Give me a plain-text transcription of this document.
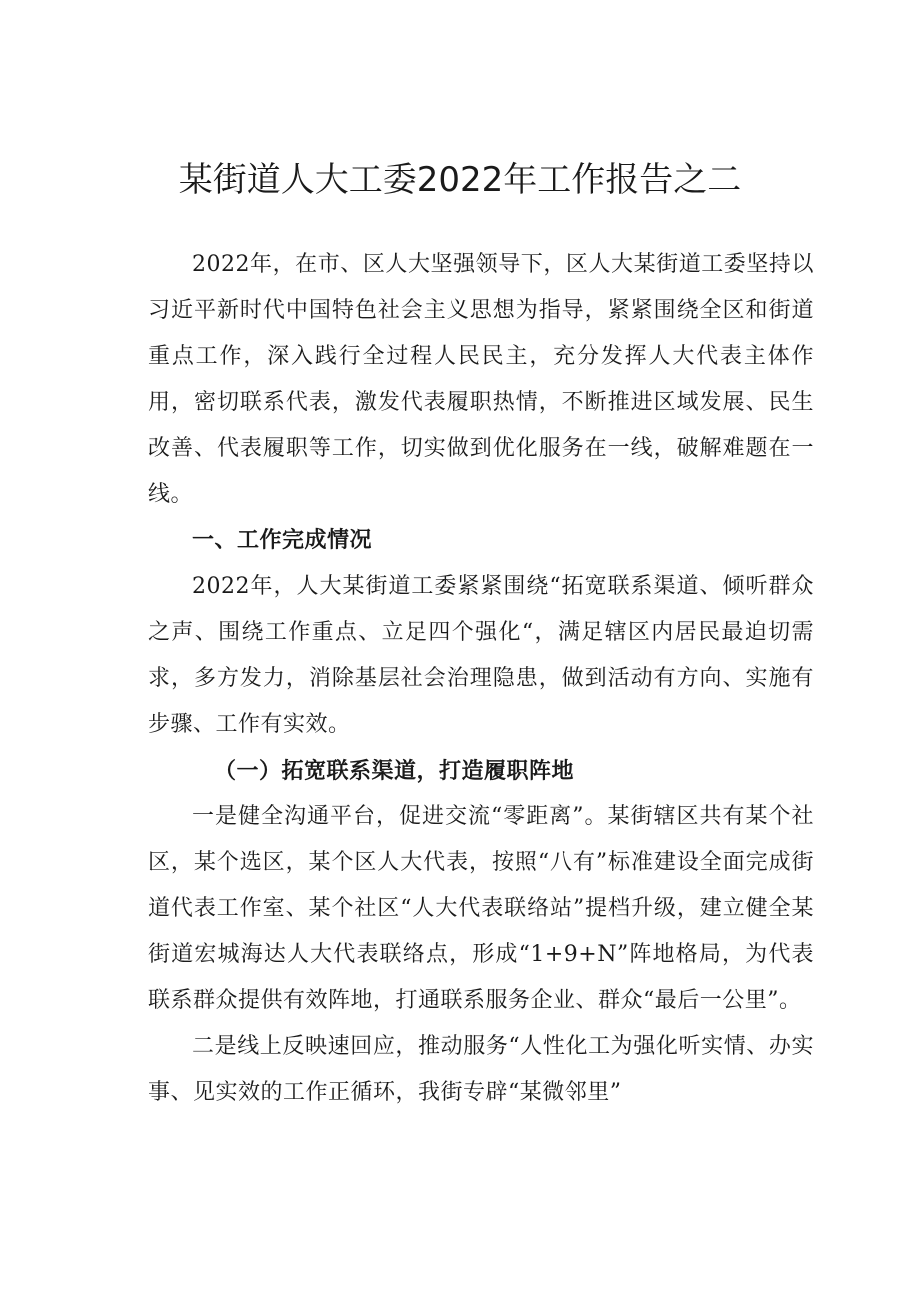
某街道人大工委2022年工作报告之二

2022年，在市、区人大坚强领导下，区人大某街道工委坚持以习近平新时代中国特色社会主义思想为指导，紧紧围绕全区和街道重点工作，深入践行全过程人民民主，充分发挥人大代表主体作用，密切联系代表，激发代表履职热情，不断推进区域发展、民生改善、代表履职等工作，切实做到优化服务在一线，破解难题在一线。

一、工作完成情况

2022年，人大某街道工委紧紧围绕“拓宽联系渠道、倾听群众之声、围绕工作重点、立足四个强化“，满足辖区内居民最迫切需求，多方发力，消除基层社会治理隐患，做到活动有方向、实施有步骤、工作有实效。

（一）拓宽联系渠道，打造履职阵地

一是健全沟通平台，促进交流“零距离”。某街辖区共有某个社区，某个选区，某个区人大代表，按照“八有”标准建设全面完成街道代表工作室、某个社区“人大代表联络站”提档升级，建立健全某街道宏城海达人大代表联络点，形成“1+9+N”阵地格局，为代表联系群众提供有效阵地，打通联系服务企业、群众“最后一公里”。

二是线上反映速回应，推动服务“人性化工为强化听实情、办实事、见实效的工作正循环，我街专辟“某微邻里”
